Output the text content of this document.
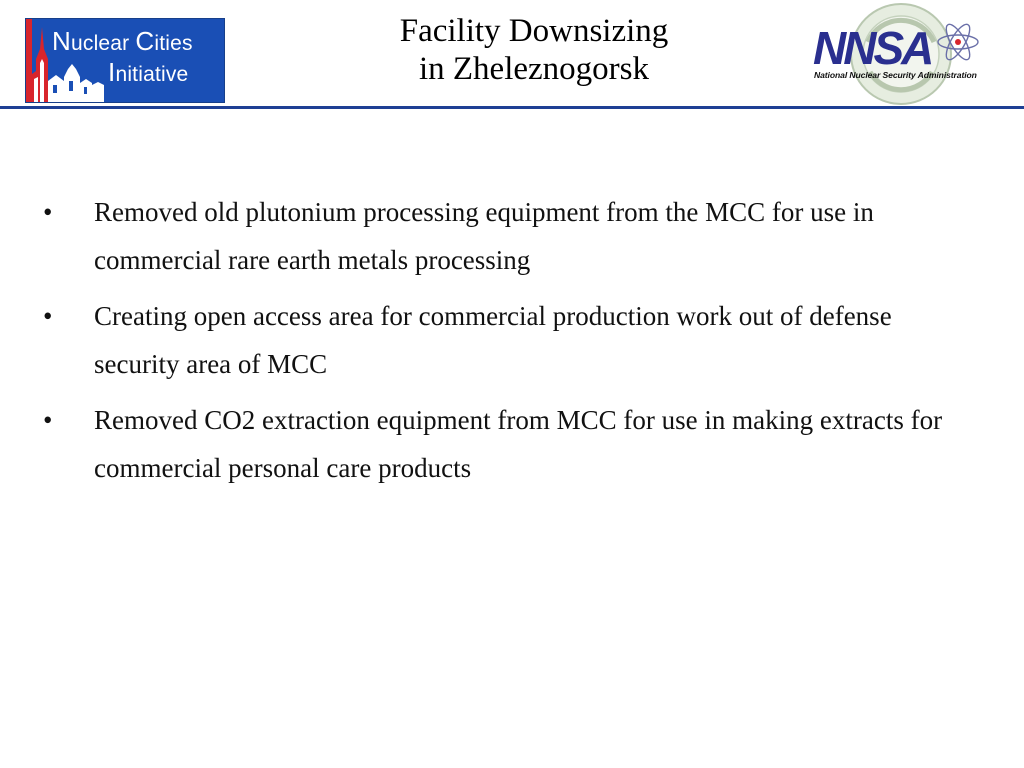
Nuclear Cities
Initiative
Facility Downsizing
in Zheleznogorsk	NNSA
National Nuclear Security Administration
• Removed old plutonium processing equipment from the MCC for use in commercial rare earth metals processing
• Creating open access area for commercial production work out of defense security area of MCC
• Removed CO2 extraction equipment from MCC for use in making extracts for commercial personal care products
